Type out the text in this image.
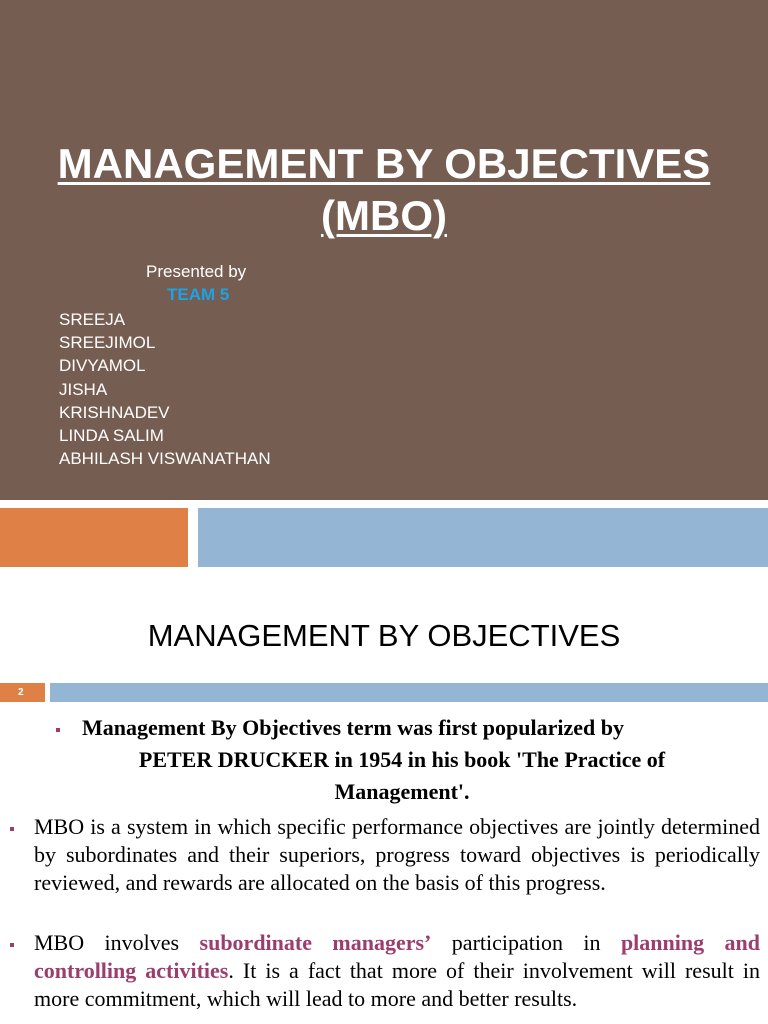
MANAGEMENT BY OBJECTIVES
(MBO)

Presented by

TEAM 5

SREEJA
SREEJIMOL
DIVYAMOL
JISHA
KRISHNADEV
LINDA SALIM
ABHILASH VISWANATHAN
MANAGEMENT BY OBJECTIVES
2
Management By Objectives term was first popularized by
PETER DRUCKER in 1954 in his book 'The Practice of Management'.
MBO is a system in which specific performance objectives are jointly determined by subordinates and their superiors, progress toward objectives is periodically reviewed, and rewards are allocated on the basis of this progress.
MBO involves subordinate managers’ participation in planning and controlling activities. It is a fact that more of their involvement will result in more commitment, which will lead to more and better results.
